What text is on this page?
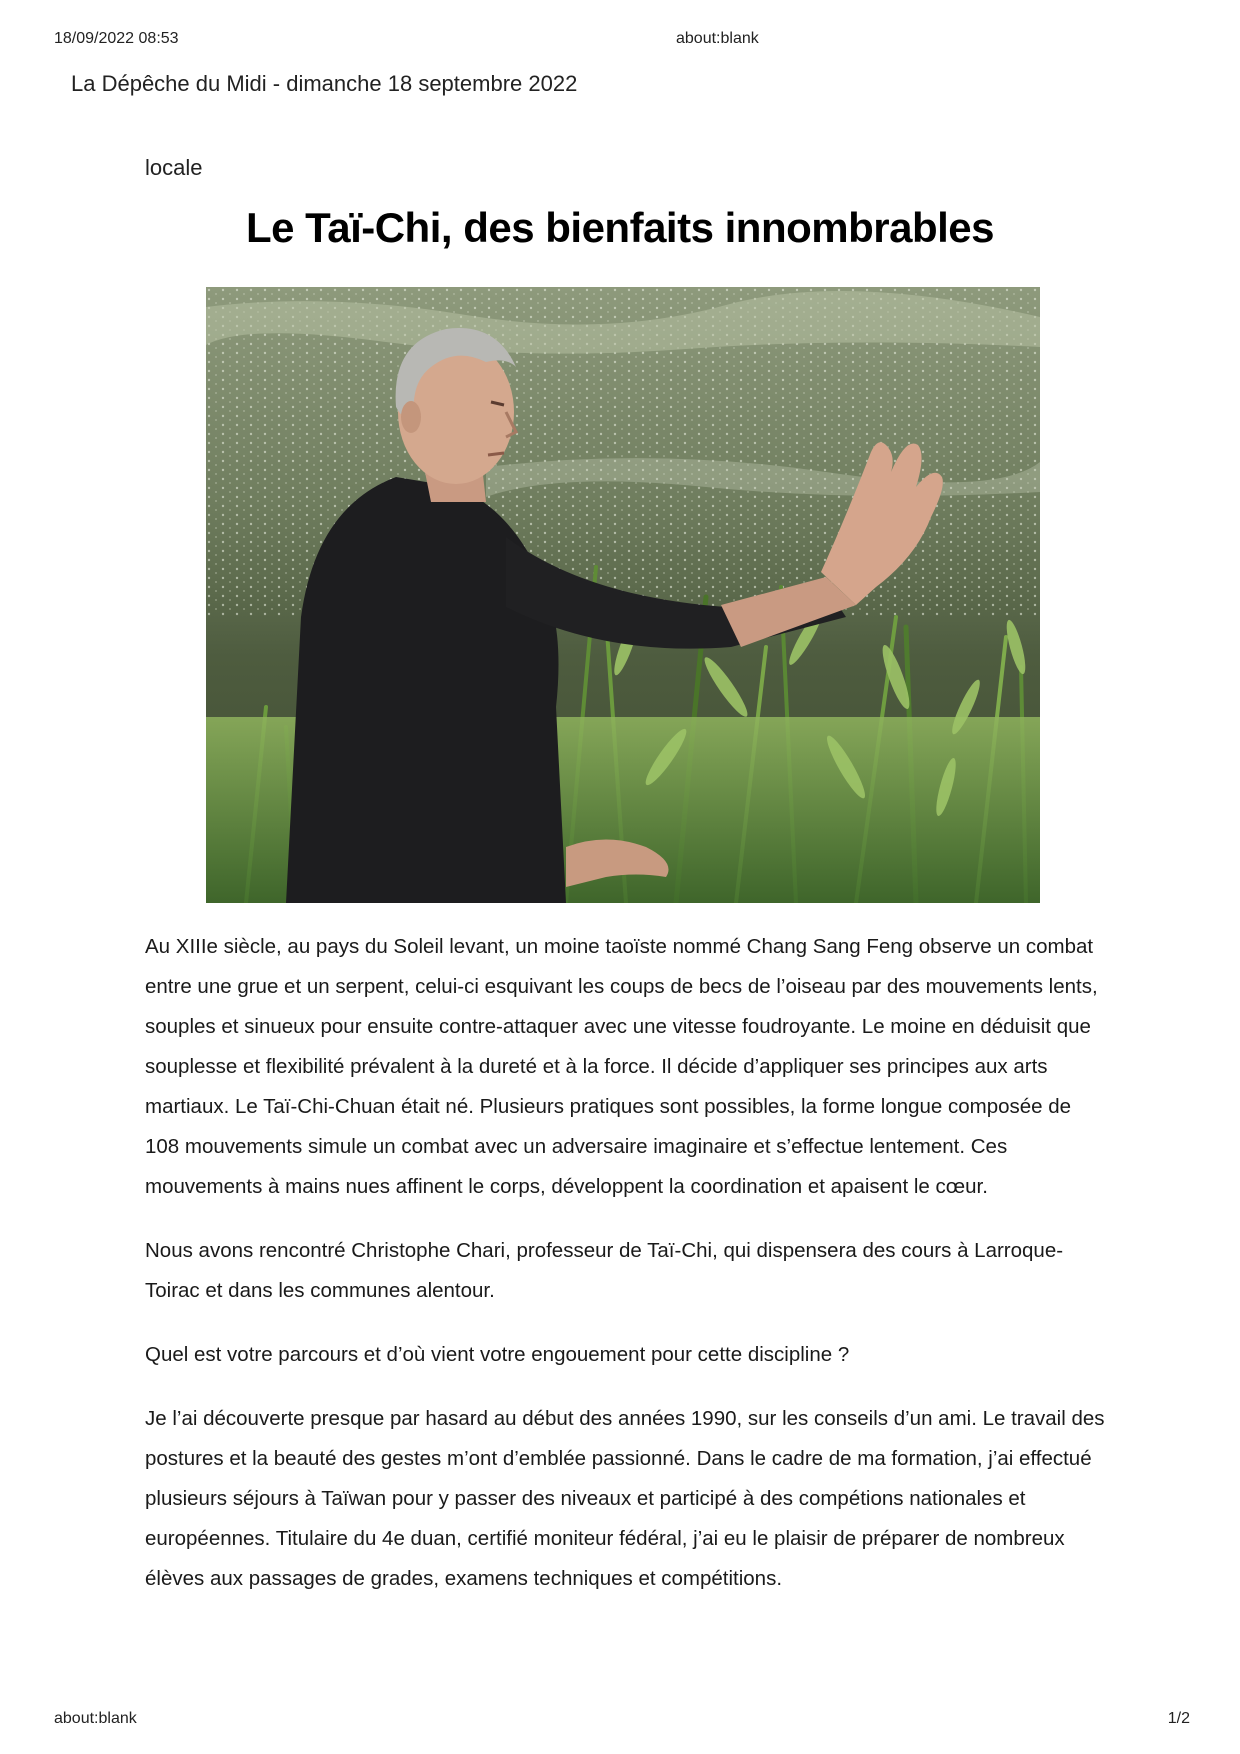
18/09/2022 08:53	about:blank
La Dépêche du Midi - dimanche 18 septembre 2022
locale
Le Taï-Chi, des bienfaits innombrables

Au XIIIe siècle, au pays du Soleil levant, un moine taoïste nommé Chang Sang Feng observe un combat entre une grue et un serpent, celui-ci esquivant les coups de becs de l’oiseau par des mouvements lents, souples et sinueux pour ensuite contre-attaquer avec une vitesse foudroyante. Le moine en déduisit que souplesse et flexibilité prévalent à la dureté et à la force. Il décide d’appliquer ses principes aux arts martiaux. Le Taï-Chi-Chuan était né. Plusieurs pratiques sont possibles, la forme longue composée de 108 mouvements simule un combat avec un adversaire imaginaire et s’effectue lentement. Ces mouvements à mains nues affinent le corps, développent la coordination et apaisent le cœur.

Nous avons rencontré Christophe Chari, professeur de Taï-Chi, qui dispensera des cours à Larroque-Toirac et dans les communes alentour.

Quel est votre parcours et d’où vient votre engouement pour cette discipline ?

Je l’ai découverte presque par hasard au début des années 1990, sur les conseils d’un ami. Le travail des postures et la beauté des gestes m’ont d’emblée passionné. Dans le cadre de ma formation, j’ai effectué plusieurs séjours à Taïwan pour y passer des niveaux et participé à des compétions nationales et européennes. Titulaire du 4e duan, certifié moniteur fédéral, j’ai eu le plaisir de préparer de nombreux élèves aux passages de grades, examens techniques et compétitions.

about:blank	1/2
